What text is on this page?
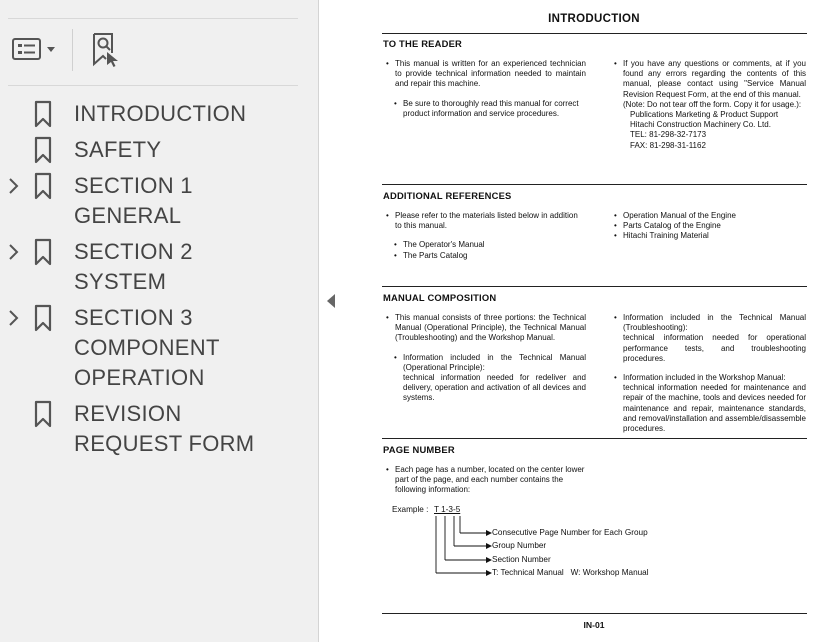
INTRODUCTION
SAFETY
SECTION 1 GENERAL
SECTION 2 SYSTEM
SECTION 3 COMPONENT OPERATION
REVISION REQUEST FORM
INTRODUCTION
TO THE READER
• This manual is written for an experienced technician to provide technical information needed to maintain and repair this machine.
• Be sure to thoroughly read this manual for correct product information and service procedures.
• If you have any questions or comments, at if you found any errors regarding the contents of this manual, please contact using "Service Manual Revision Request Form, at the end of this manual.
(Note: Do not tear off the form. Copy it for usage.):
Publications Marketing & Product Support
Hitachi Construction Machinery Co. Ltd.
TEL: 81-298-32-7173
FAX: 81-298-31-1162
ADDITIONAL REFERENCES
• Please refer to the materials listed below in addition to this manual.
• The Operator's Manual
• The Parts Catalog
• Operation Manual of the Engine
• Parts Catalog of the Engine
• Hitachi Training Material
MANUAL COMPOSITION
• This manual consists of three portions: the Technical Manual (Operational Principle), the Technical Manual (Troubleshooting) and the Workshop Manual.
• Information included in the Technical Manual (Operational Principle):
technical information needed for redeliver and delivery, operation and activation of all devices and systems.
• Information included in the Technical Manual (Troubleshooting):
technical information needed for operational performance tests, and troubleshooting procedures.
• Information included in the Workshop Manual:
technical information needed for maintenance and repair of the machine, tools and devices needed for maintenance and repair, maintenance standards, and removal/installation and assemble/disassemble procedures.
PAGE NUMBER
• Each page has a number, located on the center lower part of the page, and each number contains the following information:
Example : T 1-3-5
Consecutive Page Number for Each Group
Group Number
Section Number
T: Technical Manual   W: Workshop Manual
IN-01
